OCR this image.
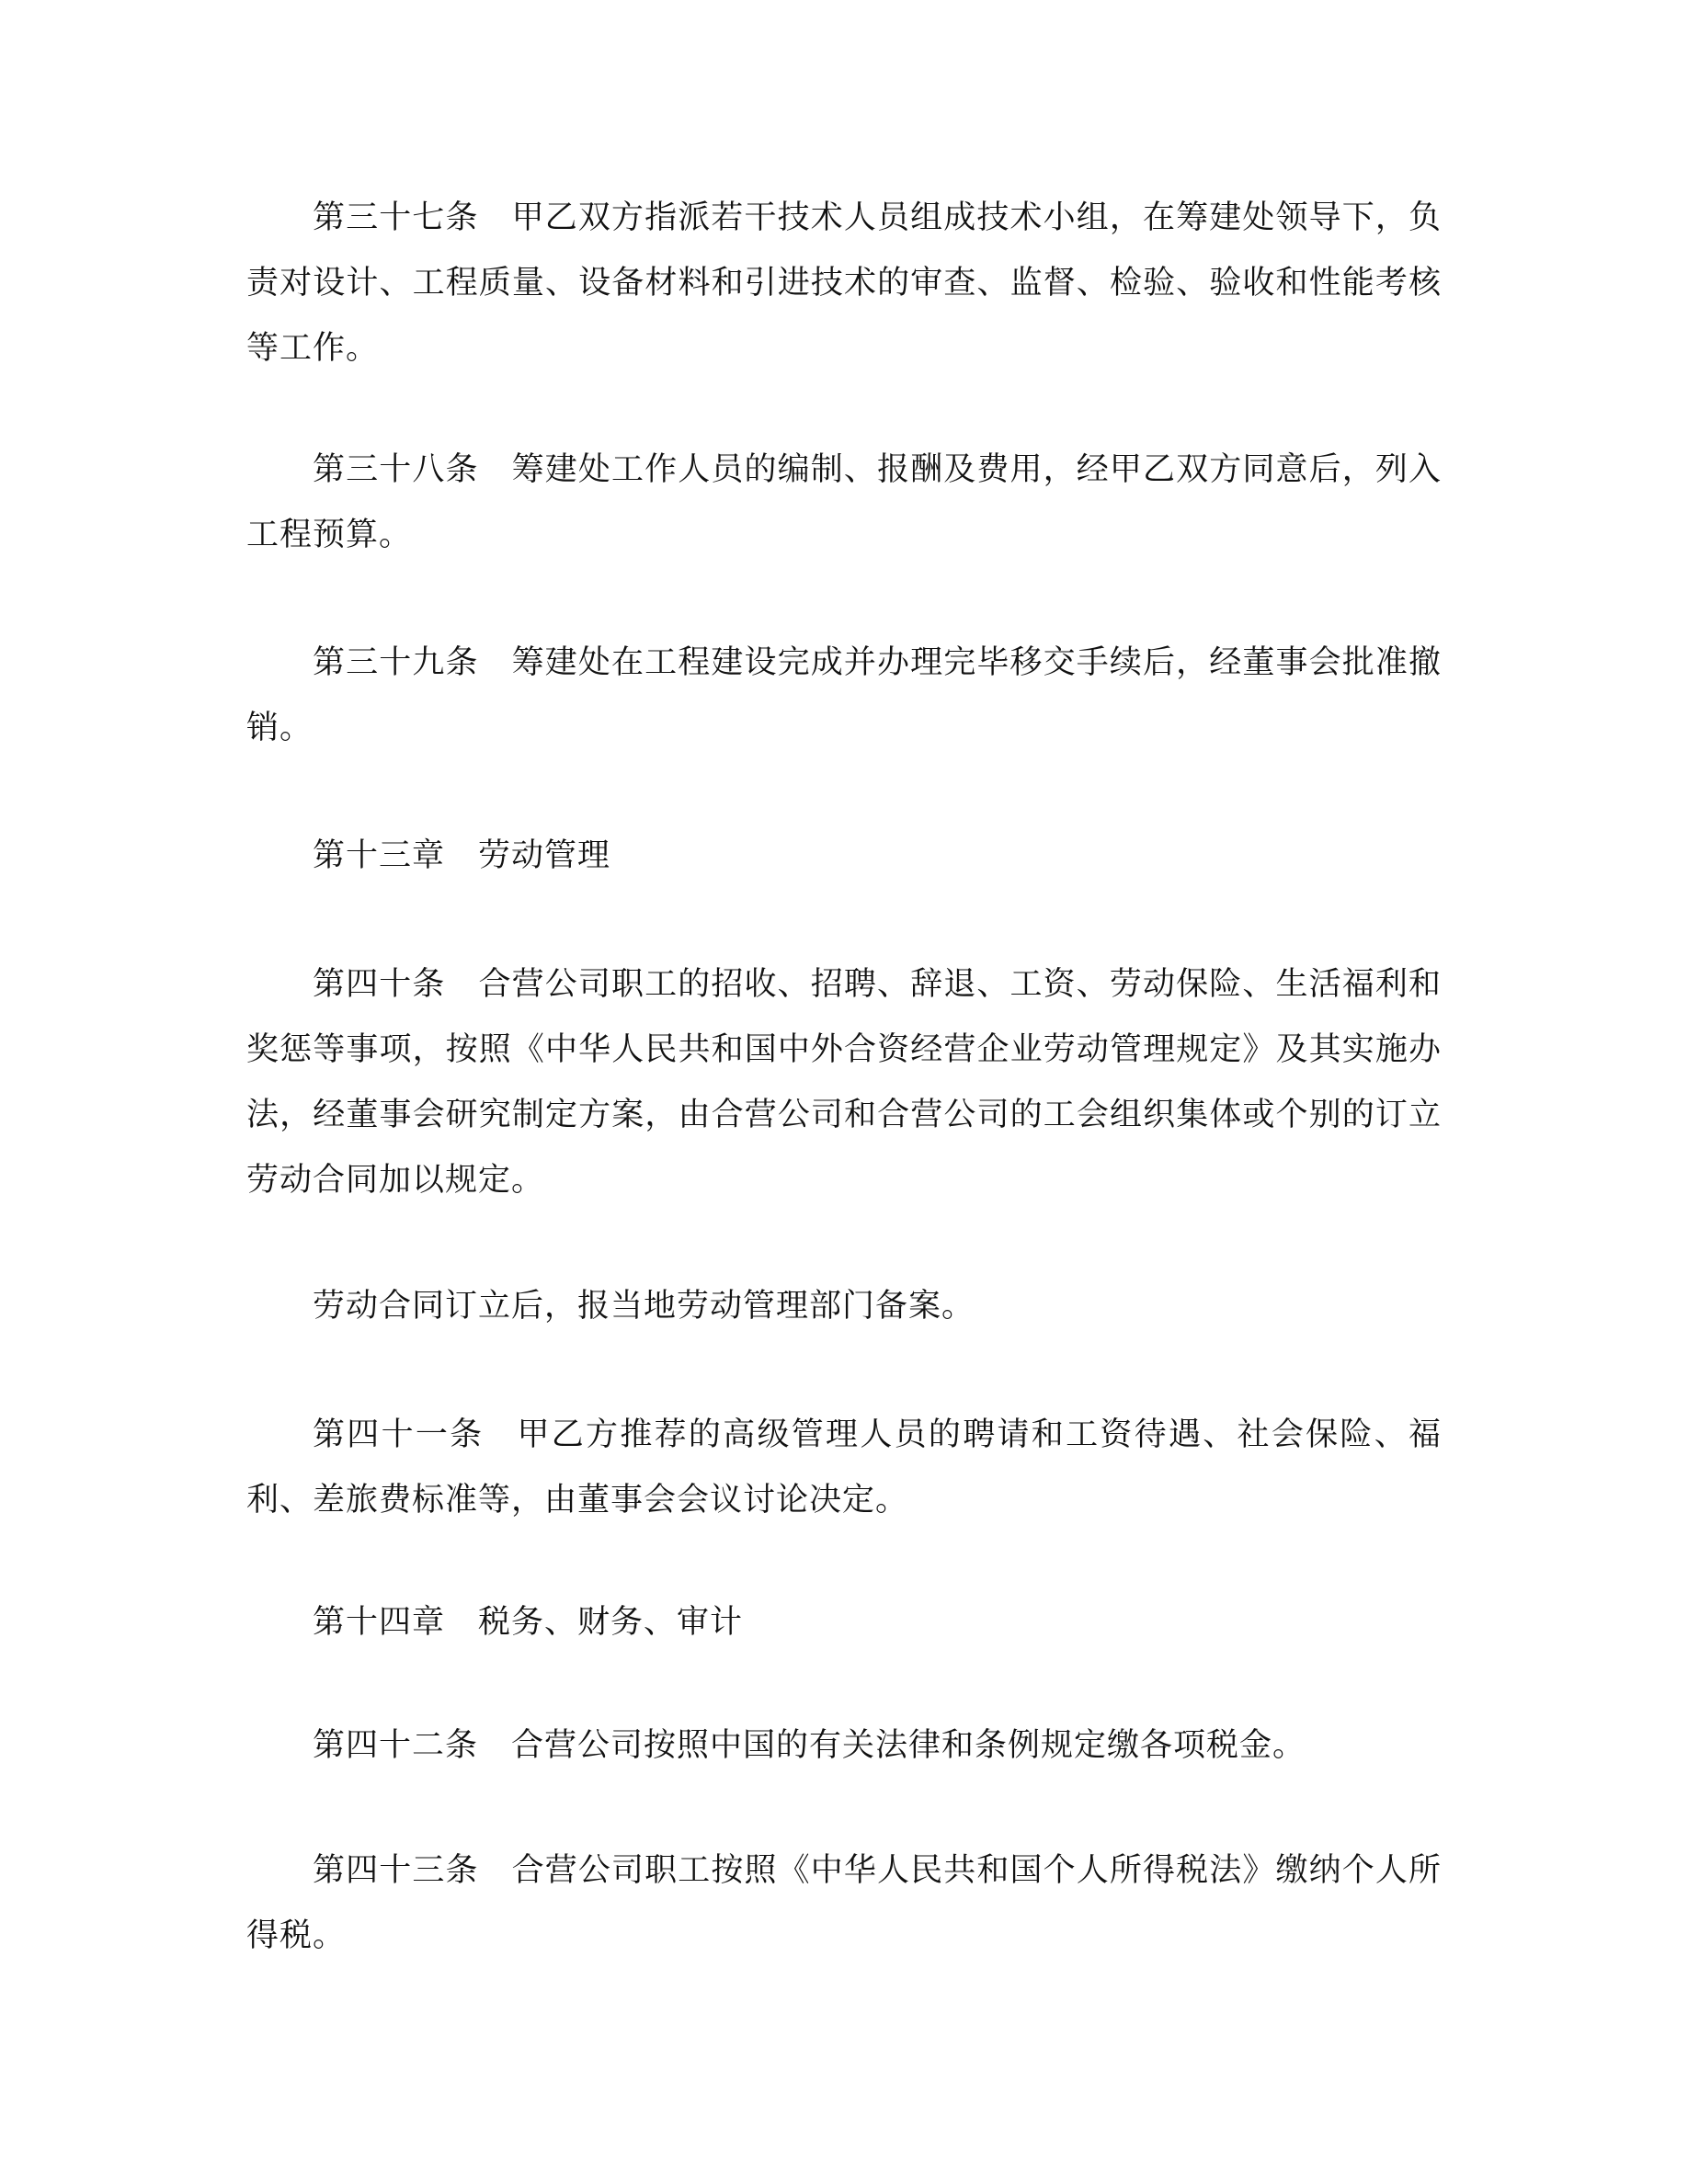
第三十七条 甲乙双方指派若干技术人员组成技术小组，在筹建处领导下，负责对设计、工程质量、设备材料和引进技术的审查、监督、检验、验收和性能考核等工作。

第三十八条 筹建处工作人员的编制、报酬及费用，经甲乙双方同意后，列入工程预算。

第三十九条 筹建处在工程建设完成并办理完毕移交手续后，经董事会批准撤销。

第十三章 劳动管理

第四十条 合营公司职工的招收、招聘、辞退、工资、劳动保险、生活福利和奖惩等事项，按照《中华人民共和国中外合资经营企业劳动管理规定》及其实施办法，经董事会研究制定方案，由合营公司和合营公司的工会组织集体或个别的订立劳动合同加以规定。

劳动合同订立后，报当地劳动管理部门备案。

第四十一条 甲乙方推荐的高级管理人员的聘请和工资待遇、社会保险、福利、差旅费标准等，由董事会会议讨论决定。

第十四章 税务、财务、审计

第四十二条 合营公司按照中国的有关法律和条例规定缴各项税金。

第四十三条 合营公司职工按照《中华人民共和国个人所得税法》缴纳个人所得税。
